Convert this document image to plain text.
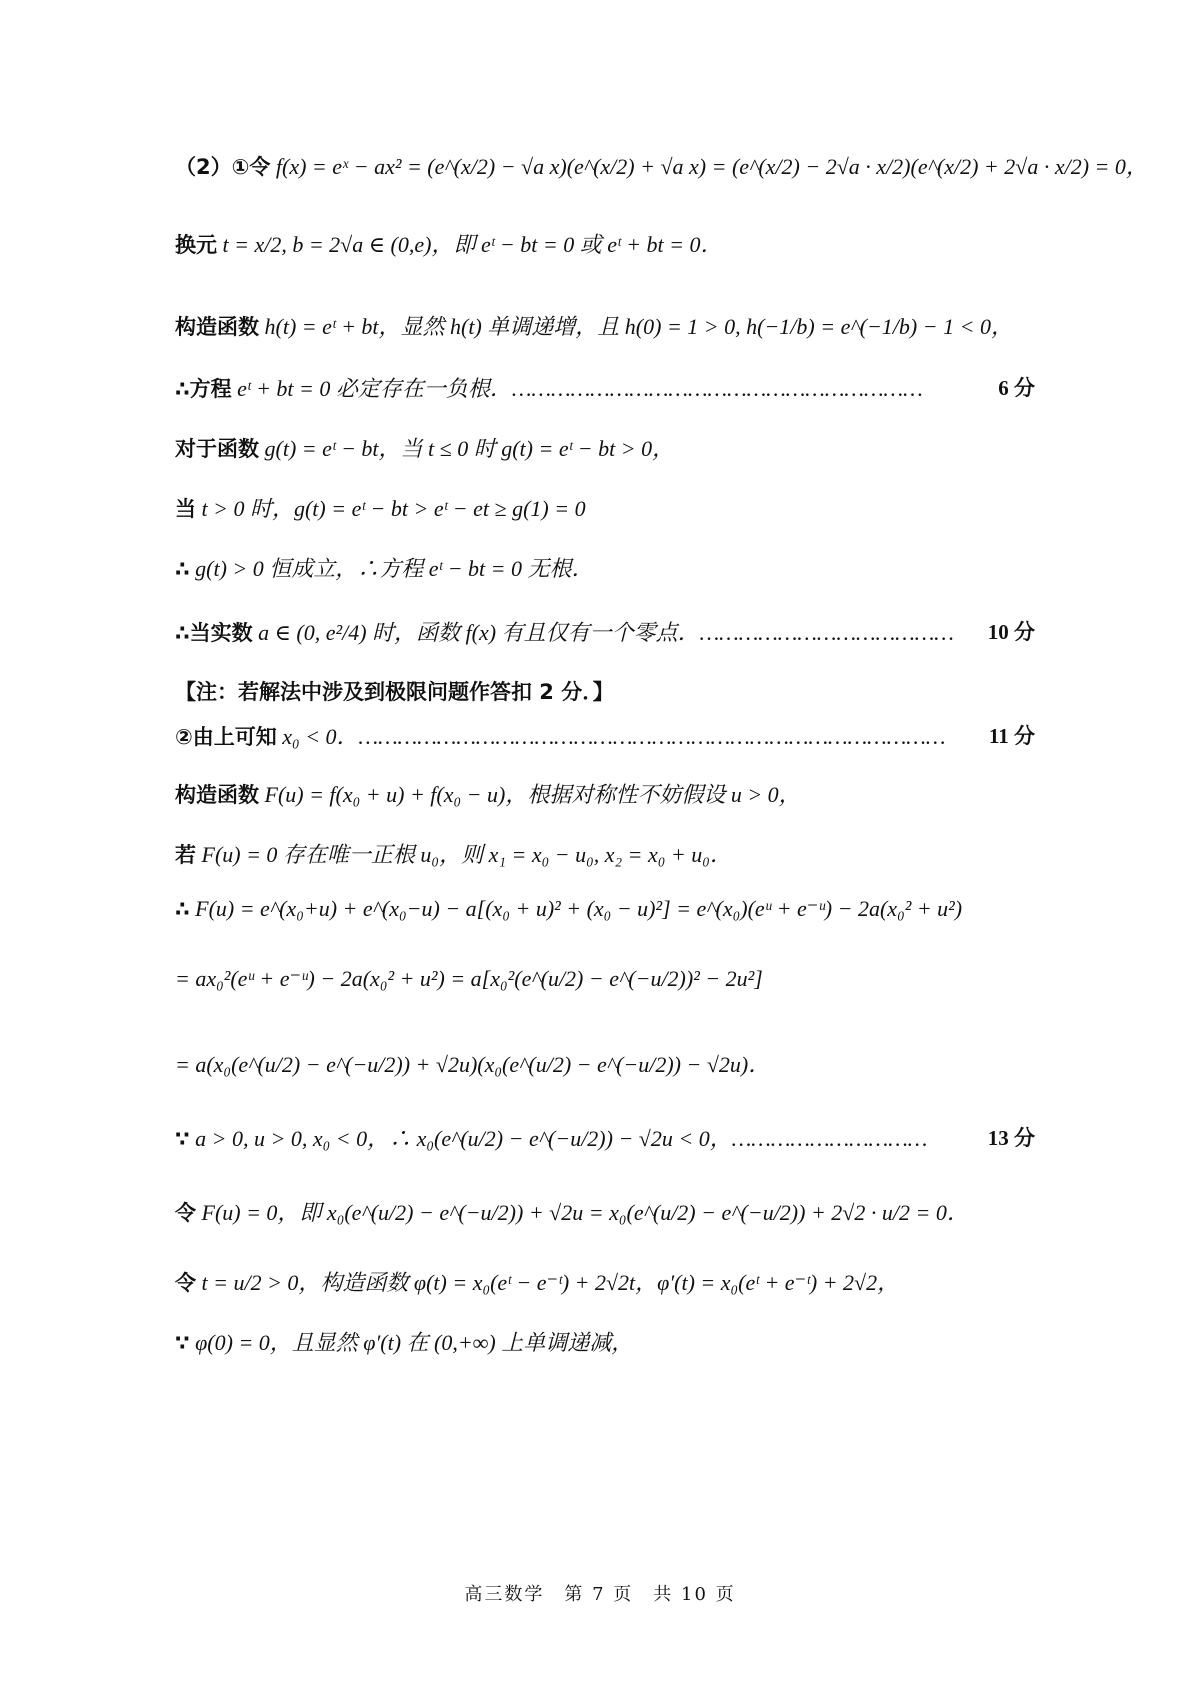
（2）①令 f(x) = eˣ − ax² = (e^(x/2) − √a x)(e^(x/2) + √a x) = (e^(x/2) − 2√a · x/2)(e^(x/2) + 2√a · x/2) = 0，
换元 t = x/2, b = 2√a ∈ (0,e)，即 eᵗ − bt = 0 或 eᵗ + bt = 0．
构造函数 h(t) = eᵗ + bt，显然 h(t) 单调递增，且 h(0) = 1 > 0, h(−1/b) = e^(−1/b) − 1 < 0，
∴方程 eᵗ + bt = 0 必定存在一负根．………………………………………………………
对于函数 g(t) = eᵗ − bt，当 t ≤ 0 时 g(t) = eᵗ − bt > 0，
当 t > 0 时，g(t) = eᵗ − bt > eᵗ − et ≥ g(1) = 0
∴ g(t) > 0 恒成立，∴方程 eᵗ − bt = 0 无根．
∴当实数 a ∈ (0, e²/4) 时，函数 f(x) 有且仅有一个零点．…………………………………
【注：若解法中涉及到极限问题作答扣 2 分．】
②由上可知 x₀ < 0．………………………………………………………………………………
构造函数 F(u) = f(x₀ + u) + f(x₀ − u)，根据对称性不妨假设 u > 0，
若 F(u) = 0 存在唯一正根 u₀，则 x₁ = x₀ − u₀, x₂ = x₀ + u₀．
∴ F(u) = e^(x₀+u) + e^(x₀−u) − a[(x₀ + u)² + (x₀ − u)²] = e^(x₀)(eᵘ + e⁻ᵘ) − 2a(x₀² + u²)
= ax₀²(eᵘ + e⁻ᵘ) − 2a(x₀² + u²) = a[x₀²(e^(u/2) − e^(−u/2))² − 2u²]
= a(x₀(e^(u/2) − e^(−u/2)) + √2u)(x₀(e^(u/2) − e^(−u/2)) − √2u)．
∵ a > 0, u > 0, x₀ < 0，∴ x₀(e^(u/2) − e^(−u/2)) − √2u < 0，…………………………
令 F(u) = 0，即 x₀(e^(u/2) − e^(−u/2)) + √2u = x₀(e^(u/2) − e^(−u/2)) + 2√2 · u/2 = 0．
令 t = u/2 > 0，构造函数 φ(t) = x₀(eᵗ − e⁻ᵗ) + 2√2t，φ′(t) = x₀(eᵗ + e⁻ᵗ) + 2√2，
∵ φ(0) = 0，且显然 φ′(t) 在 (0,+∞) 上单调递减，
6 分
10 分
11 分
13 分
高三数学　第 7 页　共 10 页
